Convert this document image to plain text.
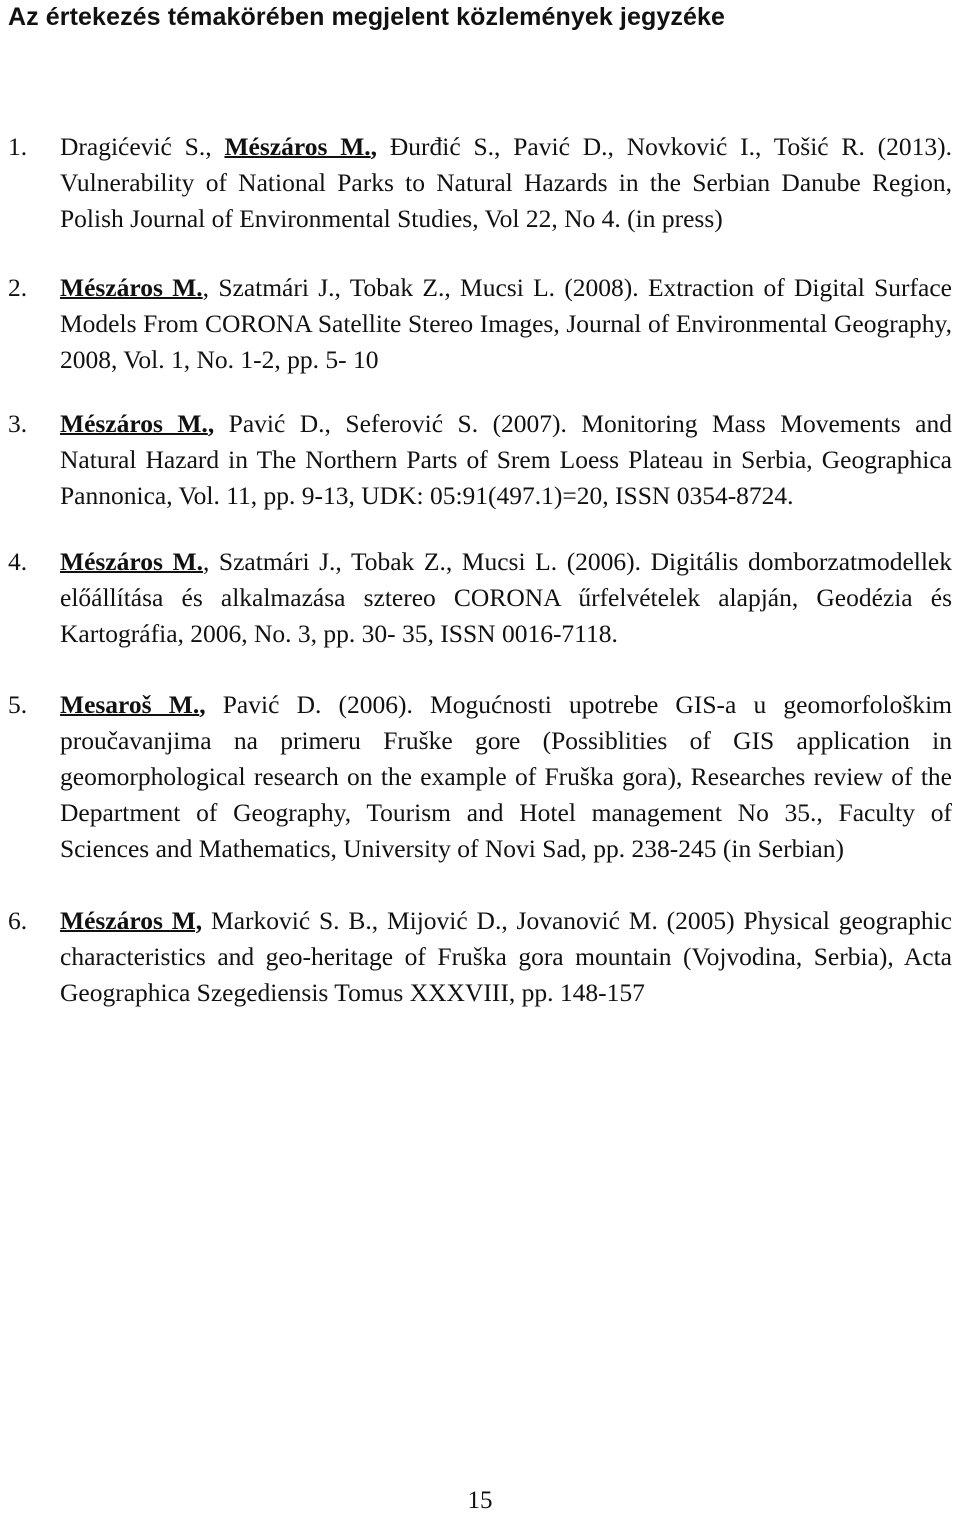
Az értekezés témakörében megjelent közlemények jegyzéke
1. Dragićević S., Mészáros M., Đurđić S., Pavić D., Novković I., Tošić R. (2013). Vulnerability of National Parks to Natural Hazards in the Serbian Danube Region, Polish Journal of Environmental Studies, Vol 22, No 4. (in press)
2. Mészáros M., Szatmári J., Tobak Z., Mucsi L. (2008). Extraction of Digital Surface Models From CORONA Satellite Stereo Images, Journal of Environmental Geography, 2008, Vol. 1, No. 1-2, pp. 5- 10
3. Mészáros M., Pavić D., Seferović S. (2007). Monitoring Mass Movements and Natural Hazard in The Northern Parts of Srem Loess Plateau in Serbia, Geographica Pannonica, Vol. 11, pp. 9-13, UDK: 05:91(497.1)=20, ISSN 0354-8724.
4. Mészáros M., Szatmári J., Tobak Z., Mucsi L. (2006). Digitális domborzatmodellek előállítása és alkalmazása sztereo CORONA űrfelvételek alapján, Geodézia és Kartográfia, 2006, No. 3, pp. 30- 35, ISSN 0016-7118.
5. Mesaroš M., Pavić D. (2006). Mogućnosti upotrebe GIS-a u geomorfološkim proučavanjima na primeru Fruške gore (Possiblities of GIS application in geomorphological research on the example of Fruška gora), Researches review of the Department of Geography, Tourism and Hotel management No 35., Faculty of Sciences and Mathematics, University of Novi Sad, pp. 238-245 (in Serbian)
6. Mészáros M, Marković S. B., Mijović D., Jovanović M. (2005) Physical geographic characteristics and geo-heritage of Fruška gora mountain (Vojvodina, Serbia), Acta Geographica Szegediensis Tomus XXXVIII, pp. 148-157
15
